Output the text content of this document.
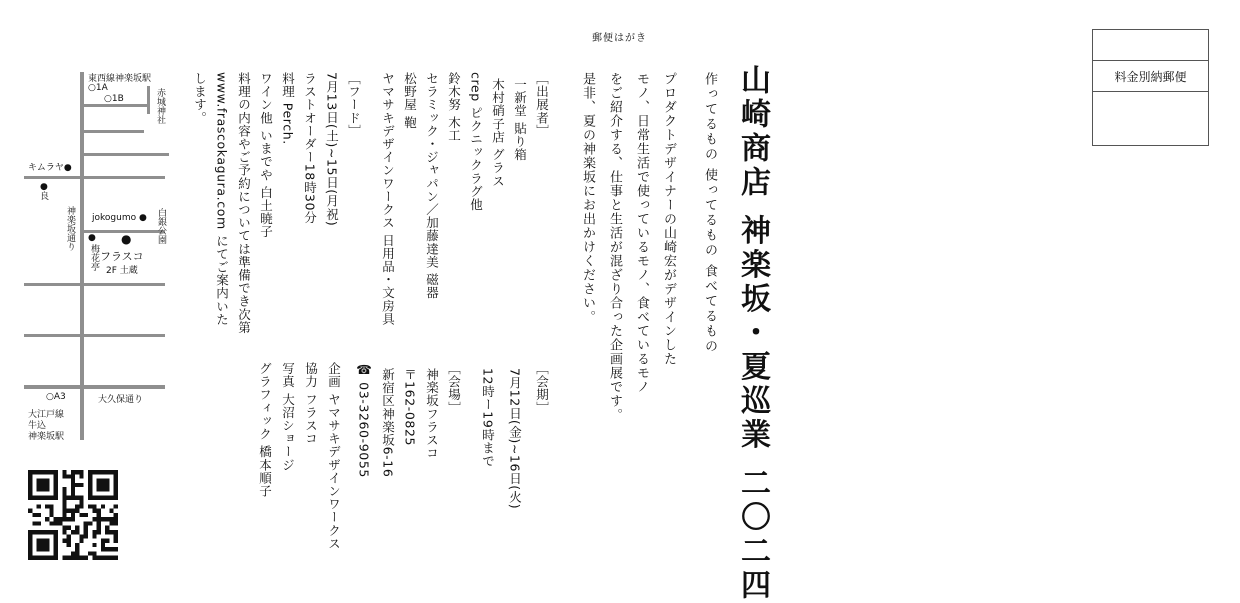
郵便はがき
料金別納郵便
山崎商店 神楽坂・夏巡業 二〇二四
作ってるもの 使ってるもの 食べてるもの
プロダクトデザイナーの山崎宏がデザインした
モノ、日常生活で使っているモノ、食べているモノ
をご紹介する、仕事と生活が混ざり合った企画展です。
是非、夏の神楽坂にお出かけください。
［会期］
7月12日(金)~16日(火)
12時ー19時まで
［会場］
神楽坂フラスコ
〒162-0825
新宿区神楽坂6-16
☎ 03-3260-9055
企画 ヤマサキデザインワークス
協力 フラスコ
写真 大沼ショージ
グラフィック 橋本順子
［出展者］
一新堂 貼り箱
木村硝子店 グラス
crep ピクニックラグ他
鈴木努 木工
セラミック・ジャパン／加藤達美 磁器
松野屋 鞄
ヤマサキデザインワークス 日用品・文房具
［フード］
7月13日(土)~15日(月祝)
ラストオーダー18時30分
料理 Perch.
ワイン他 いまでや 白土暁子
料理の内容やご予約については準備でき次第
www.frascokagura.com にてご案内いた
します。
東西線神楽坂駅
○1A
○1B	赤城神社
キムラヤ●
●
良
神楽坂通り jokogumo ● 白銀公園
●
梅花亭
●
フラスコ
2F 土蔵
○A3	大久保通り
大江戸線
牛込
神楽坂駅
